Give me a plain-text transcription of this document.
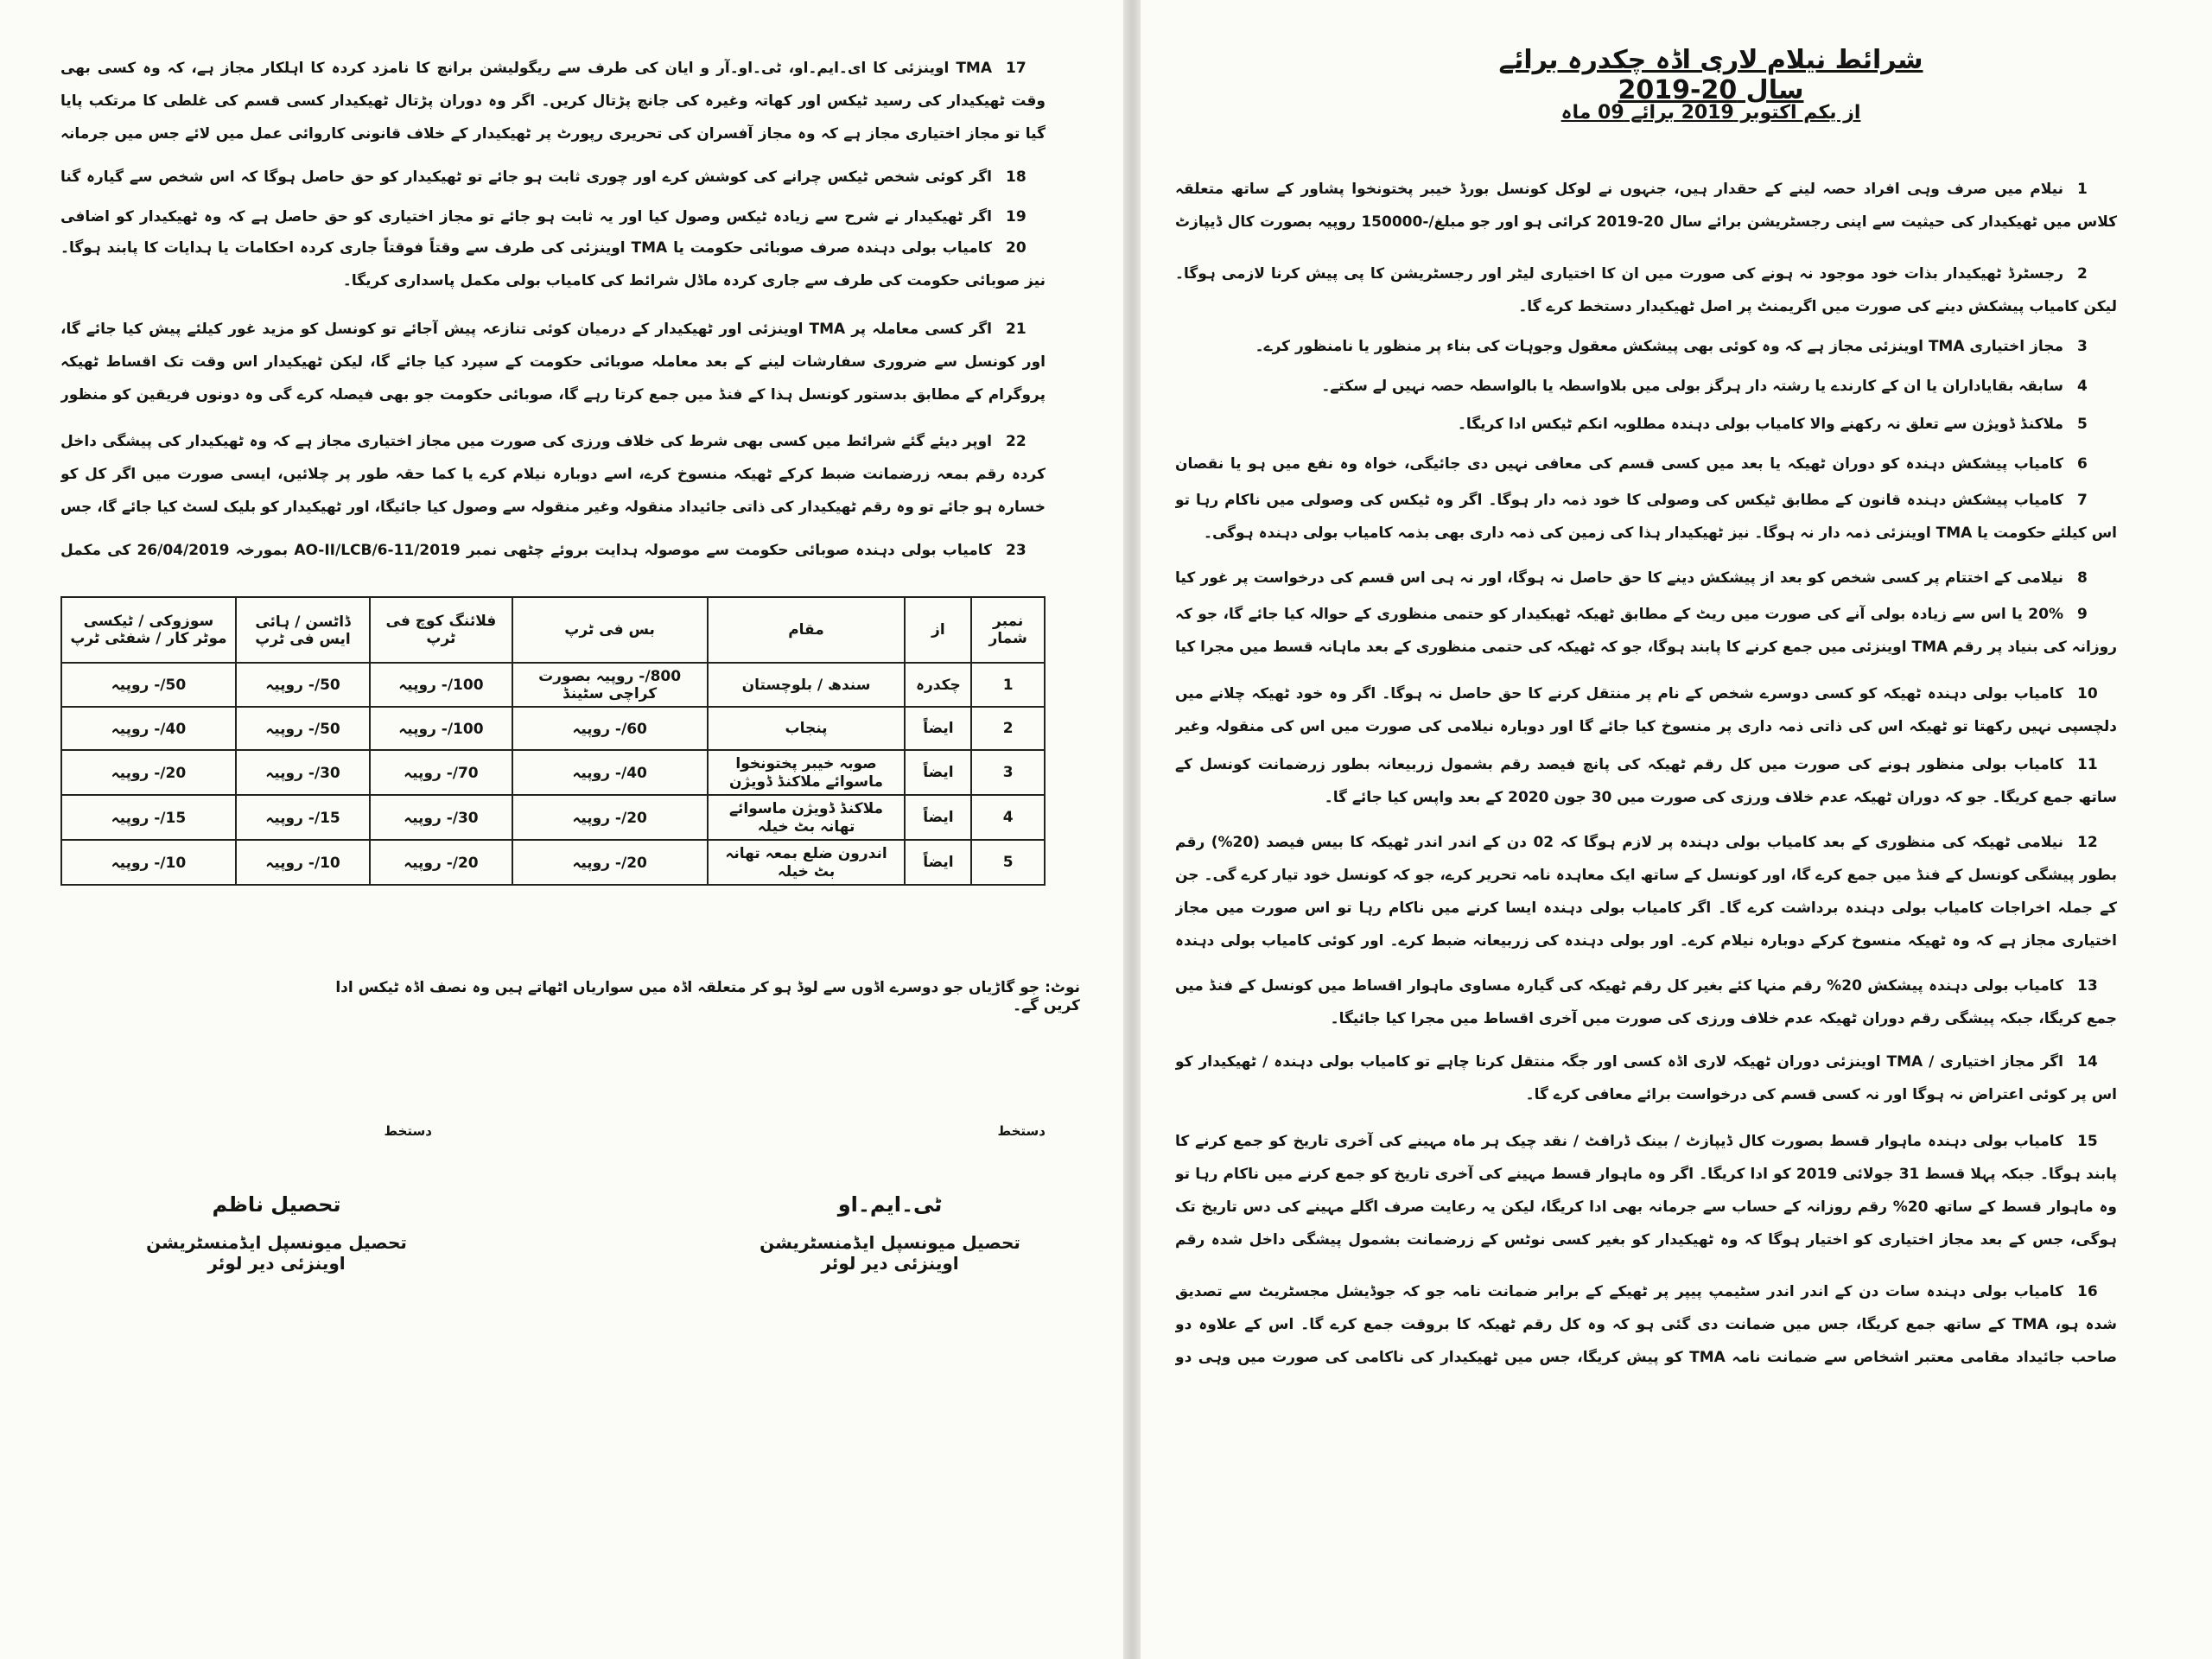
شرائط نیلام لاری اڈہ چکدرہ برائے سال 20-2019
از یکم اکتوبر 2019 برائے 09 ماہ
1نیلام میں صرف وہی افراد حصہ لینے کے حقدار ہیں، جنہوں نے لوکل کونسل بورڈ خیبر پختونخوا پشاور کے ساتھ متعلقہ کلاس میں ٹھیکیدار کی حیثیت سے اپنی رجسٹریشن برائے سال 20-2019 کرائی ہو اور جو مبلغ/-150000 روپیہ بصورت کال ڈیپازٹ
2رجسٹرڈ ٹھیکیدار بذات خود موجود نہ ہونے کی صورت میں ان کا اختیاری لیٹر اور رجسٹریشن کا پی پیش کرنا لازمی ہوگا۔ لیکن کامیاب پیشکش دینے کی صورت میں اگریمنٹ پر اصل ٹھیکیدار دستخط کرے گا۔
3مجاز اختیاری TMA اوینزئی مجاز ہے کہ وہ کوئی بھی پیشکش معقول وجوہات کی بناء پر منظور یا نامنظور کرے۔
4سابقہ بقایاداران یا ان کے کارندے یا رشتہ دار ہرگز بولی میں بلاواسطہ یا بالواسطہ حصہ نہیں لے سکتے۔
5ملاکنڈ ڈویژن سے تعلق نہ رکھنے والا کامیاب بولی دہندہ مطلوبہ انکم ٹیکس ادا کریگا۔
6کامیاب پیشکش دہندہ کو دوران ٹھیکہ یا بعد میں کسی قسم کی معافی نہیں دی جائیگی، خواہ وہ نفع میں ہو یا نقصان
7کامیاب پیشکش دہندہ قانون کے مطابق ٹیکس کی وصولی کا خود ذمہ دار ہوگا۔ اگر وہ ٹیکس کی وصولی میں ناکام رہا تو اس کیلئے حکومت یا TMA اوینزئی ذمہ دار نہ ہوگا۔ نیز ٹھیکیدار ہذا کی زمین کی ذمہ داری بھی بذمہ کامیاب بولی دہندہ ہوگی۔
8نیلامی کے اختتام پر کسی شخص کو بعد از پیشکش دینے کا حق حاصل نہ ہوگا، اور نہ ہی اس قسم کی درخواست پر غور کیا
920% یا اس سے زیادہ بولی آنے کی صورت میں ریٹ کے مطابق ٹھیکہ ٹھیکیدار کو حتمی منظوری کے حوالہ کیا جائے گا، جو کہ روزانہ کی بنیاد پر رقم TMA اوینزئی میں جمع کرنے کا پابند ہوگا، جو کہ ٹھیکہ کی حتمی منظوری کے بعد ماہانہ قسط میں مجرا کیا
10کامیاب بولی دہندہ ٹھیکہ کو کسی دوسرے شخص کے نام پر منتقل کرنے کا حق حاصل نہ ہوگا۔ اگر وہ خود ٹھیکہ چلانے میں دلچسپی نہیں رکھتا تو ٹھیکہ اس کی ذاتی ذمہ داری پر منسوخ کیا جائے گا اور دوبارہ نیلامی کی صورت میں اس کی منقولہ وغیر
11کامیاب بولی منظور ہونے کی صورت میں کل رقم ٹھیکہ کی پانچ فیصد رقم بشمول زربیعانہ بطور زرضمانت کونسل کے ساتھ جمع کریگا۔ جو کہ دوران ٹھیکہ عدم خلاف ورزی کی صورت میں 30 جون 2020 کے بعد واپس کیا جائے گا۔
12نیلامی ٹھیکہ کی منظوری کے بعد کامیاب بولی دہندہ پر لازم ہوگا کہ 02 دن کے اندر اندر ٹھیکہ کا بیس فیصد (20%) رقم بطور پیشگی کونسل کے فنڈ میں جمع کرے گا، اور کونسل کے ساتھ ایک معاہدہ نامہ تحریر کرے، جو کہ کونسل خود تیار کرے گی۔ جن کے جملہ اخراجات کامیاب بولی دہندہ برداشت کرے گا۔ اگر کامیاب بولی دہندہ ایسا کرنے میں ناکام رہا تو اس صورت میں مجاز اختیاری مجاز ہے کہ وہ ٹھیکہ منسوخ کرکے دوبارہ نیلام کرے۔ اور بولی دہندہ کی زربیعانہ ضبط کرے۔ اور کوئی کامیاب بولی دہندہ
13کامیاب بولی دہندہ پیشکش 20% رقم منہا کئے بغیر کل رقم ٹھیکہ کی گیارہ مساوی ماہوار اقساط میں کونسل کے فنڈ میں جمع کریگا، جبکہ پیشگی رقم دوران ٹھیکہ عدم خلاف ورزی کی صورت میں آخری اقساط میں مجرا کیا جائیگا۔
14اگر مجاز اختیاری / TMA اوینزئی دوران ٹھیکہ لاری اڈہ کسی اور جگہ منتقل کرنا چاہے تو کامیاب بولی دہندہ / ٹھیکیدار کو اس پر کوئی اعتراض نہ ہوگا اور نہ کسی قسم کی درخواست برائے معافی کرے گا۔
15کامیاب بولی دہندہ ماہوار قسط بصورت کال ڈیپازٹ / بینک ڈرافٹ / نقد چیک ہر ماہ مہینے کی آخری تاریخ کو جمع کرنے کا پابند ہوگا۔ جبکہ پہلا قسط 31 جولائی 2019 کو ادا کریگا۔ اگر وہ ماہوار قسط مہینے کی آخری تاریخ کو جمع کرنے میں ناکام رہا تو وہ ماہوار قسط کے ساتھ 20% رقم روزانہ کے حساب سے جرمانہ بھی ادا کریگا، لیکن یہ رعایت صرف اگلے مہینے کی دس تاریخ تک ہوگی، جس کے بعد مجاز اختیاری کو اختیار ہوگا کہ وہ ٹھیکیدار کو بغیر کسی نوٹس کے زرضمانت بشمول پیشگی داخل شدہ رقم
16کامیاب بولی دہندہ سات دن کے اندر اندر سٹیمپ پیپر پر ٹھیکے کے برابر ضمانت نامہ جو کہ جوڈیشل مجسٹریٹ سے تصدیق شدہ ہو، TMA کے ساتھ جمع کریگا، جس میں ضمانت دی گئی ہو کہ وہ کل رقم ٹھیکہ کا بروقت جمع کرے گا۔ اس کے علاوہ دو صاحب جائیداد مقامی معتبر اشخاص سے ضمانت نامہ TMA کو پیش کریگا، جس میں ٹھیکیدار کی ناکامی کی صورت میں وہی دو
17TMA اوینزئی کا ای۔ایم۔او، ٹی۔او۔آر و ایان کی طرف سے ریگولیشن برانچ کا نامزد کردہ کا اہلکار مجاز ہے، کہ وہ کسی بھی وقت ٹھیکیدار کی رسید ٹیکس اور کھاتہ وغیرہ کی جانچ پڑتال کریں۔ اگر وہ دوران پڑتال ٹھیکیدار کسی قسم کی غلطی کا مرتکب پایا گیا تو مجاز اختیاری مجاز ہے کہ وہ مجاز آفسران کی تحریری رپورٹ پر ٹھیکیدار کے خلاف قانونی کاروائی عمل میں لائے جس میں جرمانہ
18اگر کوئی شخص ٹیکس چرانے کی کوشش کرے اور چوری ثابت ہو جائے تو ٹھیکیدار کو حق حاصل ہوگا کہ اس شخص سے گیارہ گنا
19اگر ٹھیکیدار نے شرح سے زیادہ ٹیکس وصول کیا اور یہ ثابت ہو جائے تو مجاز اختیاری کو حق حاصل ہے کہ وہ ٹھیکیدار کو اضافی
20کامیاب بولی دہندہ صرف صوبائی حکومت یا TMA اوینزئی کی طرف سے وقتاً فوقتاً جاری کردہ احکامات یا ہدایات کا پابند ہوگا۔ نیز صوبائی حکومت کی طرف سے جاری کردہ ماڈل شرائط کی کامیاب بولی مکمل پاسداری کریگا۔
21اگر کسی معاملہ پر TMA اوینزئی اور ٹھیکیدار کے درمیان کوئی تنازعہ پیش آجائے تو کونسل کو مزید غور کیلئے پیش کیا جائے گا، اور کونسل سے ضروری سفارشات لینے کے بعد معاملہ صوبائی حکومت کے سپرد کیا جائے گا، لیکن ٹھیکیدار اس وقت تک اقساط ٹھیکہ پروگرام کے مطابق بدستور کونسل ہذا کے فنڈ میں جمع کرتا رہے گا، صوبائی حکومت جو بھی فیصلہ کرے گی وہ دونوں فریقین کو منظور
22اوپر دیئے گئے شرائط میں کسی بھی شرط کی خلاف ورزی کی صورت میں مجاز اختیاری مجاز ہے کہ وہ ٹھیکیدار کی پیشگی داخل کردہ رقم بمعہ زرضمانت ضبط کرکے ٹھیکہ منسوخ کرے، اسے دوبارہ نیلام کرے یا کما حقہ طور پر چلائیں، ایسی صورت میں اگر کل کو خسارہ ہو جائے تو وہ رقم ٹھیکیدار کی ذاتی جائیداد منقولہ وغیر منقولہ سے وصول کیا جائیگا، اور ٹھیکیدار کو بلیک لسٹ کیا جائے گا، جس
23کامیاب بولی دہندہ صوبائی حکومت سے موصولہ ہدایت بروئے چٹھی نمبر AO-II/LCB/6-11/2019 بمورخہ 26/04/2019 کی مکمل
نمبر شمار	از	مقام	بس فی ٹرپ	فلائنگ کوچ فی ٹرپ	ڈاٹسن / ہائی ایس فی ٹرپ	سوزوکی / ٹیکسی موٹر کار / شفٹی ٹرپ
1	چکدرہ	سندھ / بلوچستان	800/- روپیہ بصورت کراچی سٹینڈ	100/- روپیہ	50/- روپیہ	50/- روپیہ
2	ایضاً	پنجاب	60/- روپیہ	100/- روپیہ	50/- روپیہ	40/- روپیہ
3	ایضاً	صوبہ خیبر پختونخوا ماسوائے ملاکنڈ ڈویژن	40/- روپیہ	70/- روپیہ	30/- روپیہ	20/- روپیہ
4	ایضاً	ملاکنڈ ڈویژن ماسوائے تھانہ بٹ خیلہ	20/- روپیہ	30/- روپیہ	15/- روپیہ	15/- روپیہ
5	ایضاً	اندرون ضلع بمعہ تھانہ بٹ خیلہ	20/- روپیہ	20/- روپیہ	10/- روپیہ	10/- روپیہ
نوٹ: جو گاڑیاں جو دوسرے اڈوں سے لوڈ ہو کر متعلقہ اڈہ میں سواریاں اٹھاتے ہیں وہ نصف اڈہ ٹیکس ادا کریں گے۔
دستخط
ٹی۔ایم۔او
تحصیل میونسپل ایڈمنسٹریشن اوینزئی دیر لوئر
دستخط
تحصیل ناظم
تحصیل میونسپل ایڈمنسٹریشن اوینزئی دیر لوئر
